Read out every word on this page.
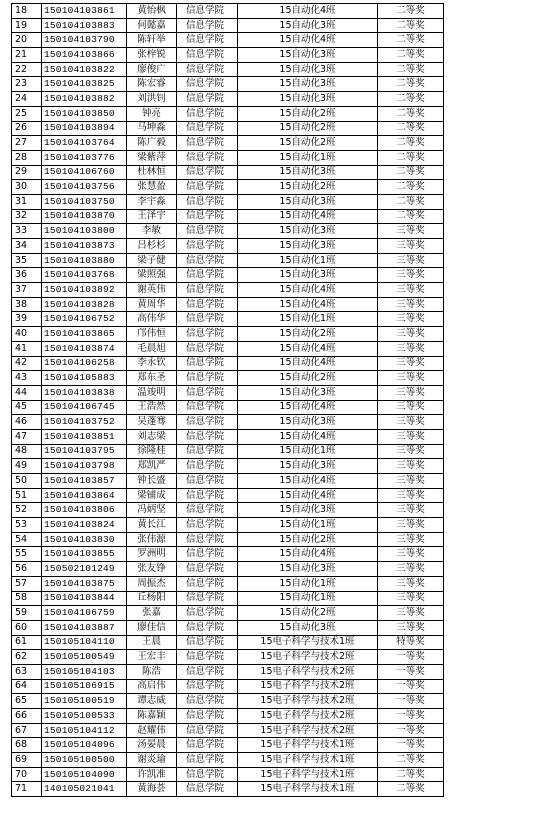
18	150104103861	黄怡枫	信息学院	15自动化4班	二等奖
19	150104103883	何懿嘉	信息学院	15自动化3班	二等奖
20	150104103790	陈轩举	信息学院	15自动化4班	二等奖
21	150104103866	张梓锐	信息学院	15自动化3班	二等奖
22	150104103822	廖俊广	信息学院	15自动化3班	二等奖
23	150104103825	陈宏睿	信息学院	15自动化3班	二等奖
24	150104103882	刘洪钊	信息学院	15自动化3班	二等奖
25	150104103850	钟亮	信息学院	15自动化2班	二等奖
26	150104103894	马坤淼	信息学院	15自动化2班	二等奖
27	150104103764	陈广毅	信息学院	15自动化2班	二等奖
28	150104103776	梁紫萍	信息学院	15自动化1班	二等奖
29	150104106760	杜林恒	信息学院	15自动化3班	二等奖
30	150104103756	张慧盈	信息学院	15自动化2班	二等奖
31	150104103750	李宇淼	信息学院	15自动化3班	二等奖
32	150104103870	王泽宇	信息学院	15自动化4班	二等奖
33	150104103800	李敏	信息学院	15自动化3班	三等奖
34	150104103873	吕杉杉	信息学院	15自动化3班	三等奖
35	150104103880	梁子健	信息学院	15自动化1班	三等奖
36	150104103768	梁照强	信息学院	15自动化3班	三等奖
37	150104103892	谢英伟	信息学院	15自动化4班	三等奖
38	150104103828	黄周华	信息学院	15自动化4班	三等奖
39	150104106752	高伟华	信息学院	15自动化1班	三等奖
40	150104103865	邝伟恒	信息学院	15自动化2班	三等奖
41	150104103874	毛晨旭	信息学院	15自动化4班	三等奖
42	150104106258	李永钦	信息学院	15自动化4班	三等奖
43	150104105883	郑东圣	信息学院	15自动化2班	三等奖
44	150104103838	温竣明	信息学院	15自动化3班	三等奖
45	150104106745	王浩然	信息学院	15自动化4班	三等奖
46	150104103752	吴蓬骞	信息学院	15自动化3班	三等奖
47	150104103851	刘志梁	信息学院	15自动化4班	三等奖
48	150104103795	徐隆桂	信息学院	15自动化1班	三等奖
49	150104103798	郑凯严	信息学院	15自动化3班	三等奖
50	150104103857	钟长盛	信息学院	15自动化4班	三等奖
51	150104103864	梁铺成	信息学院	15自动化4班	三等奖
52	150104103806	冯炳坚	信息学院	15自动化3班	三等奖
53	150104103824	黄长江	信息学院	15自动化1班	三等奖
54	150104103830	张伟源	信息学院	15自动化2班	三等奖
55	150104103855	罗洲明	信息学院	15自动化4班	三等奖
56	150502101249	张友铮	信息学院	15自动化3班	三等奖
57	150104103875	周振杰	信息学院	15自动化1班	三等奖
58	150104103844	丘杨阳	信息学院	15自动化1班	三等奖
59	150104106759	张嘉	信息学院	15自动化2班	三等奖
60	150104103887	廖佳信	信息学院	15自动化3班	三等奖
61	150105104110	王晨	信息学院	15电子科学与技术1班	特等奖
62	150105100549	王宏丰	信息学院	15电子科学与技术2班	一等奖
63	150105104103	陈浩	信息学院	15电子科学与技术2班	一等奖
64	150105106915	高启伟	信息学院	15电子科学与技术2班	一等奖
65	150105100519	谭志威	信息学院	15电子科学与技术2班	一等奖
66	150105100533	陈嘉颖	信息学院	15电子科学与技术2班	一等奖
67	150105104112	赵耀伟	信息学院	15电子科学与技术2班	一等奖
68	150105104096	汤晏晨	信息学院	15电子科学与技术1班	一等奖
69	150105100500	谢炎瑜	信息学院	15电子科学与技术1班	二等奖
70	150105104090	许凯准	信息学院	15电子科学与技术1班	二等奖
71	140105021041	黄海荟	信息学院	15电子科学与技术1班	二等奖
